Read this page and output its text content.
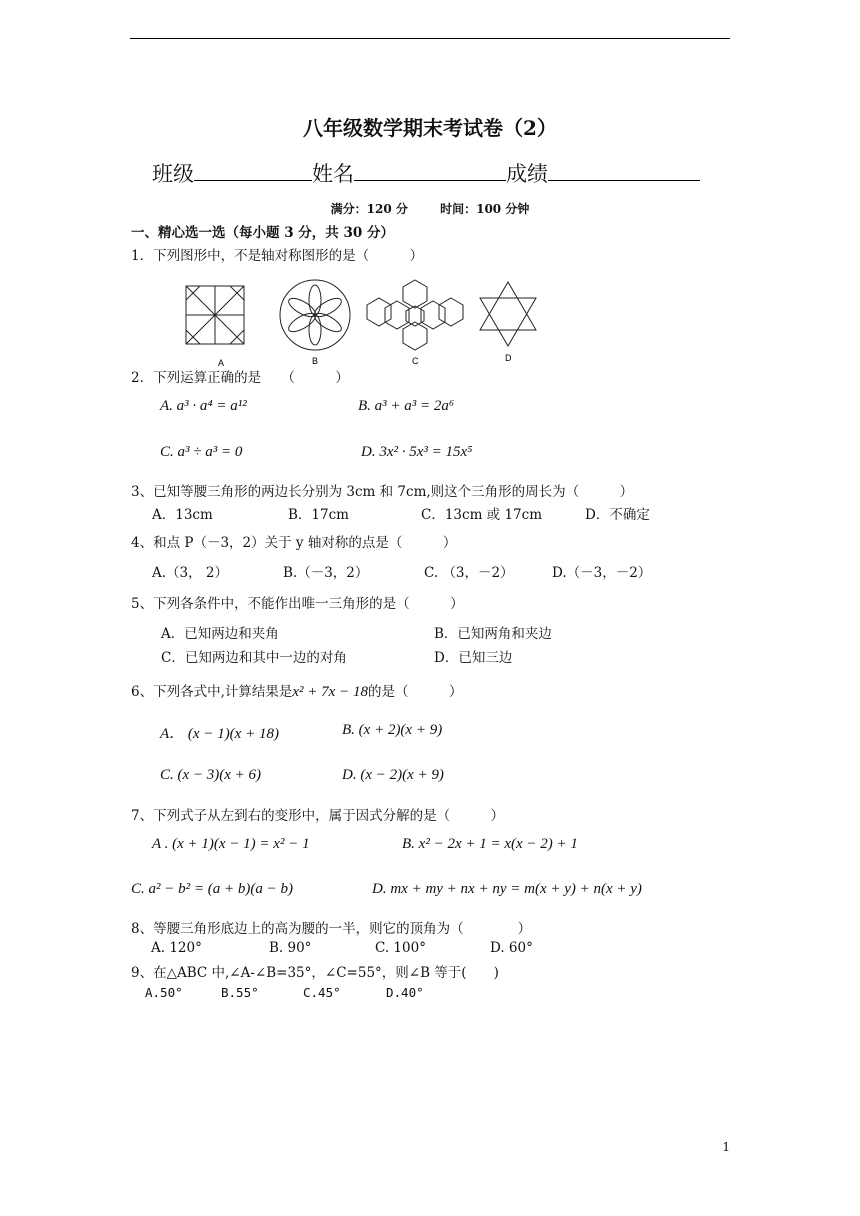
八年级数学期末考试卷（2）
班级	姓名	成绩
满分：120 分	时间：100 分钟
一、精心选一选（每小题 3 分，共 30 分）
1．下列图形中，不是轴对称图形的是（　　　）
A	B	C	D
2．下列运算正确的是　　（　　　）
A. a³ · a⁴ = a¹²	B. a³ + a³ = 2a⁶
C. a³ ÷ a³ = 0	D. 3x² · 5x³ = 15x⁵
3、已知等腰三角形的两边长分别为 3cm 和 7cm,则这个三角形的周长为（　　　）
A．13cm	B．17cm	C．13cm 或 17cm	D．不确定
4、和点 P（－3，2）关于 y 轴对称的点是（　　　）
A.（3， 2）	B.（－3，2）	C. （3，－2）	D.（－3，－2）
5、下列各条件中，不能作出唯一三角形的是（　　　）
A．已知两边和夹角	B．已知两角和夹边
C．已知两边和其中一边的对角	D．已知三边
6、下列各式中,计算结果是x² + 7x − 18的是（　　　）
A． (x − 1)(x + 18)	B. (x + 2)(x + 9)
C. (x − 3)(x + 6)	D. (x − 2)(x + 9)
7、下列式子从左到右的变形中，属于因式分解的是（　　　）
A . (x + 1)(x − 1) = x² − 1	B. x² − 2x + 1 = x(x − 2) + 1
C. a² − b² = (a + b)(a − b)	D. mx + my + nx + ny = m(x + y) + n(x + y)
8、等腰三角形底边上的高为腰的一半，则它的顶角为（　　　　）
A. 120°	B. 90°	C. 100°	D. 60°
9、在△ABC 中,∠A-∠B=35°，∠C=55°，则∠B 等于(　　)
A.50°	B.55°	C.45°	D.40°
1
